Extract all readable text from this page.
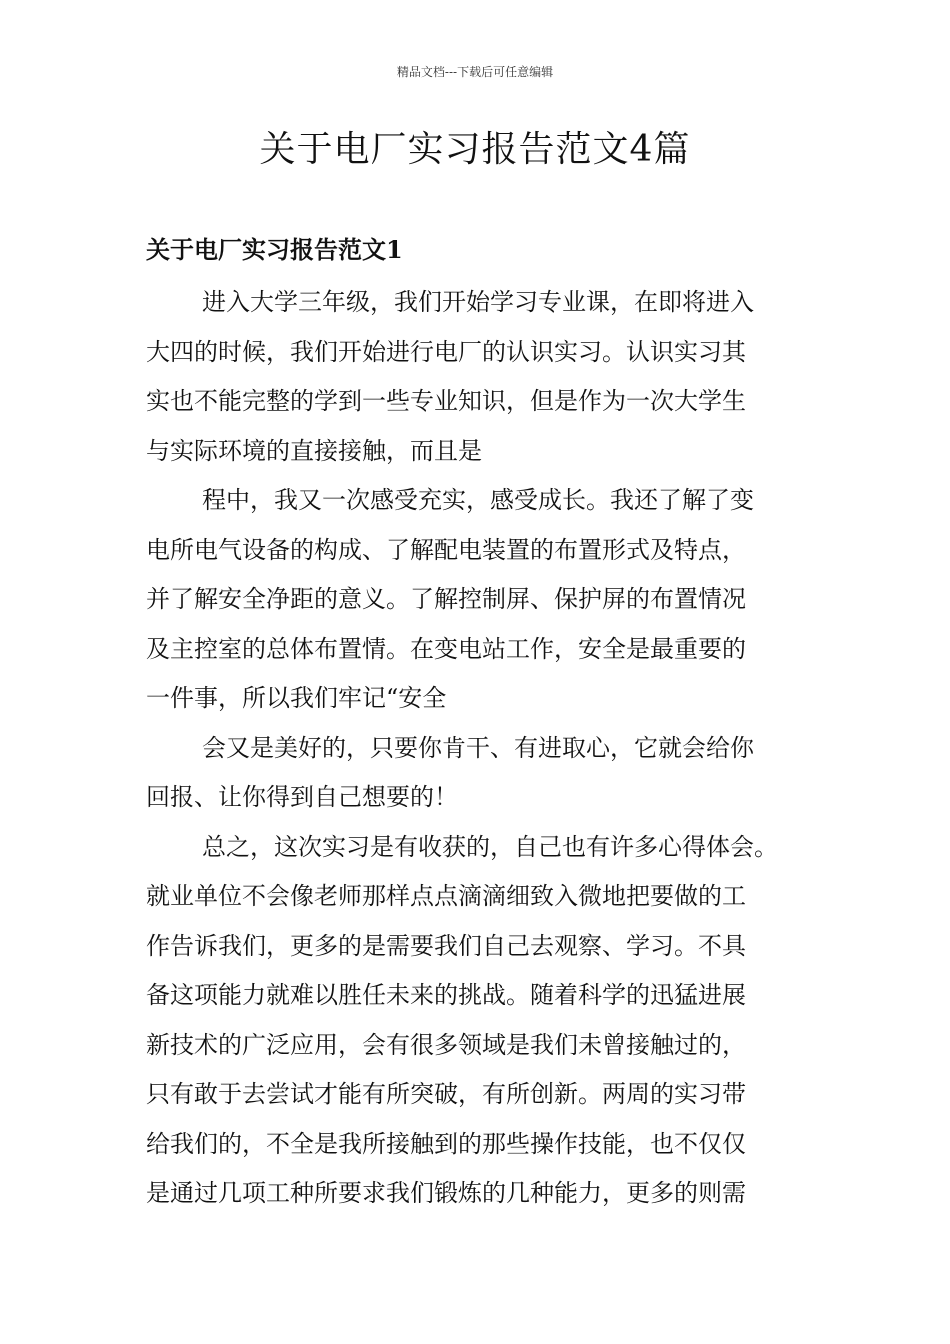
精品文档---下载后可任意编辑
关于电厂实习报告范文4篇
关于电厂实习报告范文1
进入大学三年级，我们开始学习专业课，在即将进入
大四的时候，我们开始进行电厂的认识实习。认识实习其
实也不能完整的学到一些专业知识，但是作为一次大学生
与实际环境的直接接触，而且是
程中，我又一次感受充实，感受成长。我还了解了变
电所电气设备的构成、了解配电装置的布置形式及特点，
并了解安全净距的意义。了解控制屏、保护屏的布置情况
及主控室的总体布置情。在变电站工作，安全是最重要的
一件事，所以我们牢记“安全
会又是美好的，只要你肯干、有进取心，它就会给你
回报、让你得到自己想要的！
总之，这次实习是有收获的，自己也有许多心得体会。
就业单位不会像老师那样点点滴滴细致入微地把要做的工
作告诉我们，更多的是需要我们自己去观察、学习。不具
备这项能力就难以胜任未来的挑战。随着科学的迅猛进展
新技术的广泛应用，会有很多领域是我们未曾接触过的，
只有敢于去尝试才能有所突破，有所创新。两周的实习带
给我们的，不全是我所接触到的那些操作技能，也不仅仅
是通过几项工种所要求我们锻炼的几种能力，更多的则需
